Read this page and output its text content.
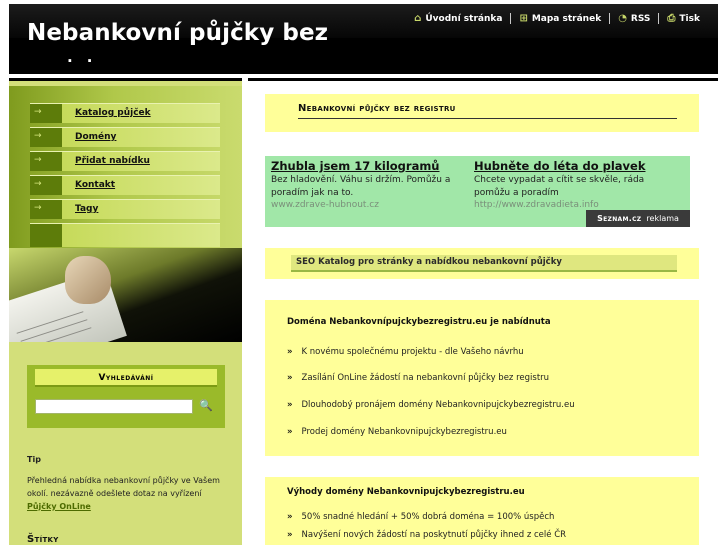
Nebankovní půjčky bez
..
⌂ Úvodní stránka ⊞ Mapa stránek ◔ RSS ⎙ Tisk
→	Katalog půjček
→	Domény
→	Přidat nabídku
→	Kontakt
→	Tagy
Vyhledávání
🔍
Tip
Přehledná nabídka nebankovní půjčky ve Vašem okolí. nezávazně odešlete dotaz na vyřízení Půjčky OnLine
Štítky
Nebankovní půjčky bez registru
Zhubla jsem 17 kilogramů
Bez hladovění. Váhu si držím. Pomůžu a poradím jak na to.
www.zdrave-hubnout.cz
Hubněte do léta do plavek
Chcete vypadat a cítit se skvěle, ráda pomůžu a poradím
http://www.zdravadieta.info
Seznam.cz reklama
SEO Katalog pro stránky a nabídkou nebankovní půjčky
Doména Nebankovnípujckybezregistru.eu je nabídnuta
» K novému společnému projektu - dle Vašeho návrhu
» Zasílání OnLine žádostí na nebankovní půjčky bez registru
» Dlouhodobý pronájem domény Nebankovnipujckybezregistru.eu
» Prodej domény Nebankovnipujckybezregistru.eu
Výhody domény Nebankovnipujckybezregistru.eu
» 50% snadné hledání + 50% dobrá doména = 100% úspěch
» Navýšení nových žádostí na poskytnutí půjčky ihned z celé ČR
